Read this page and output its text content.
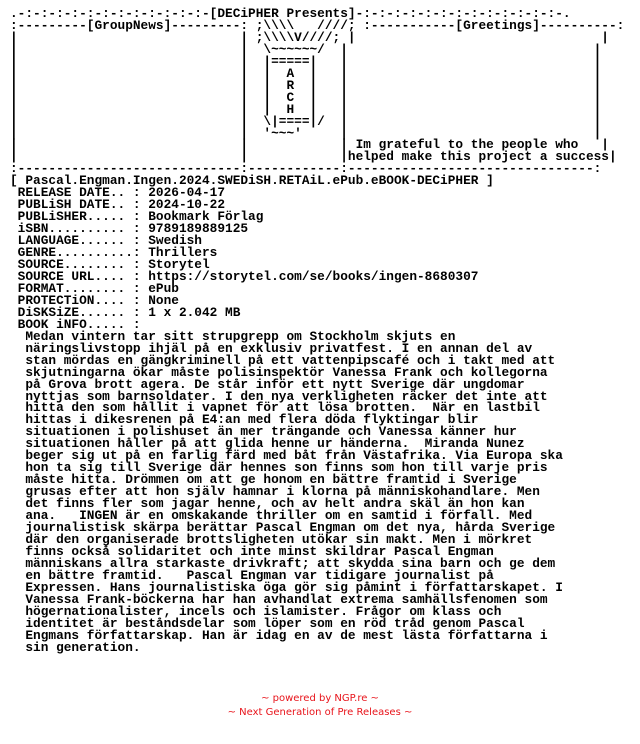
.-:-:-:-:-:-:-:-:-:-:-:-:-[DECiPHER Presents]-:-:-:-:-:-:-:-:-:-:-:-:-:-.
:---------[GroupNews]---------: ;\\\\   ////; :-----------[Greetings]----------:
|                             | ;\\\\V////; |                                |
|                             |  \~~~~~~/  |                                |
|                             |  |=====|   |                                |
|                             |  |  A  |   |                                |
|                             |  |  R  |   |                                |
|                             |  |  C  |   |                                |
|                             |  |  H  |   |                                |
|                             |  \|====|/  |                                |
|                             |  '~~~'     |                                |
|                             |            | Im grateful to the people who   |
|                             |            |helped make this project a success|
:-----------------------------:------------:--------------------------------:
[ Pascal.Engman.Ingen.2024.SWEDiSH.RETAiL.ePub.eBOOK-DECiPHER ]
RELEASE DATE.. : 2026-04-17
PUBLiSH DATE.. : 2024-10-22
PUBLiSHER..... : Bookmark Förlag
iSBN.......... : 9789189889125
LANGUAGE...... : Swedish
GENRE..........: Thrillers
SOURCE........ : Storytel
SOURCE URL.... : https://storytel.com/se/books/ingen-8680307
FORMAT........ : ePub
PROTECTiON.... : None
DiSKSiZE...... : 1 x 2.042 MB
BOOK iNFO..... :
Medan vintern tar sitt strupgrepp om Stockholm skjuts en
näringslivstopp ihjäl på en exklusiv privatfest. I en annan del av
stan mördas en gängkriminell på ett vattenpipscafé och i takt med att
skjutningarna ökar måste polisinspektör Vanessa Frank och kollegorna
på Grova brott agera. De står inför ett nytt Sverige där ungdomar
nyttjas som barnsoldater. I den nya verkligheten räcker det inte att
hitta den som hållit i vapnet för att lösa brotten.  När en lastbil
hittas i dikesrenen på E4:an med flera döda flyktingar blir
situationen i polishuset än mer trängande och Vanessa känner hur
situationen håller på att glida henne ur händerna.  Miranda Nunez
beger sig ut på en farlig färd med båt från Västafrika. Via Europa ska
hon ta sig till Sverige där hennes son finns som hon till varje pris
måste hitta. Drömmen om att ge honom en bättre framtid i Sverige
grusas efter att hon själv hamnar i klorna på människohandlare. Men
det finns fler som jagar henne, och av helt andra skäl än hon kan
ana.   INGEN är en omskakande thriller om en samtid i förfall. Med
journalistisk skärpa berättar Pascal Engman om det nya, hårda Sverige
där den organiserade brottsligheten utökar sin makt. Men i mörkret
finns också solidaritet och inte minst skildrar Pascal Engman
människans allra starkaste drivkraft; att skydda sina barn och ge dem
en bättre framtid.   Pascal Engman var tidigare journalist på
Expressen. Hans journalistiska öga gör sig påmint i författarskapet. I
Vanessa Frank-böckerna har han avhandlat extrema samhällsfenomen som
högernationalister, incels och islamister. Frågor om klass och
identitet är beståndsdelar som löper som en röd tråd genom Pascal
Engmans författarskap. Han är idag en av de mest lästa författarna i
sin generation.
~ powered by NGP.re ~
~ Next Generation of Pre Releases ~
